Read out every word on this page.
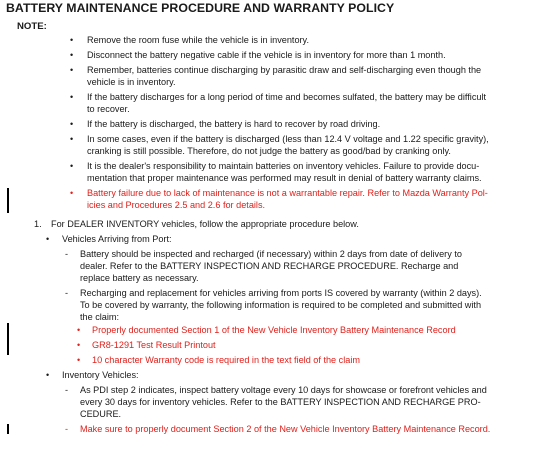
BATTERY MAINTENANCE PROCEDURE AND WARRANTY POLICY
NOTE:
• Remove the room fuse while the vehicle is in inventory.
• Disconnect the battery negative cable if the vehicle is in inventory for more than 1 month.
• Remember, batteries continue discharging by parasitic draw and self-discharging even though the
vehicle is in inventory.
• If the battery discharges for a long period of time and becomes sulfated, the battery may be difficult
to recover.
• If the battery is discharged, the battery is hard to recover by road driving.
• In some cases, even if the battery is discharged (less than 12.4 V voltage and 1.22 specific gravity),
cranking is still possible. Therefore, do not judge the battery as good/bad by cranking only.
• It is the dealer's responsibility to maintain batteries on inventory vehicles. Failure to provide docu-
mentation that proper maintenance was performed may result in denial of battery warranty claims.
• Battery failure due to lack of maintenance is not a warrantable repair. Refer to Mazda Warranty Pol-
icies and Procedures 2.5 and 2.6 for details.
1. For DEALER INVENTORY vehicles, follow the appropriate procedure below.
• Vehicles Arriving from Port:
- Battery should be inspected and recharged (if necessary) within 2 days from date of delivery to
dealer. Refer to the BATTERY INSPECTION AND RECHARGE PROCEDURE. Recharge and
replace battery as necessary.
- Recharging and replacement for vehicles arriving from ports IS covered by warranty (within 2 days).
To be covered by warranty, the following information is required to be completed and submitted with
the claim:
• Properly documented Section 1 of the New Vehicle Inventory Battery Maintenance Record
• GR8-1291 Test Result Printout
• 10 character Warranty code is required in the text field of the claim
• Inventory Vehicles:
- As PDI step 2 indicates, inspect battery voltage every 10 days for showcase or forefront vehicles and
every 30 days for inventory vehicles. Refer to the BATTERY INSPECTION AND RECHARGE PRO-
CEDURE.
- Make sure to properly document Section 2 of the New Vehicle Inventory Battery Maintenance Record.
